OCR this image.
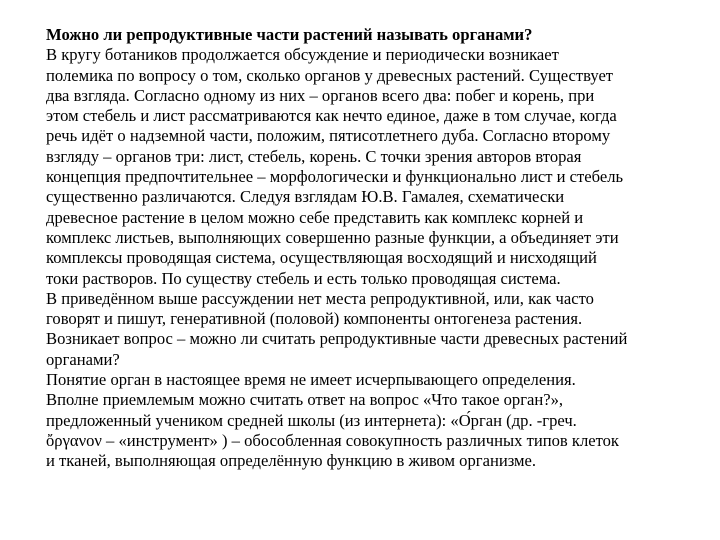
Можно ли репродуктивные части растений называть органами?
В кругу ботаников продолжается обсуждение и периодически возникает
полемика по вопросу о том, сколько органов у древесных растений. Существует
два взгляда. Согласно одному из них – органов всего два: побег и корень, при
этом стебель и лист рассматриваются как нечто единое, даже в том случае, когда
речь идёт о надземной части, положим, пятисотлетнего дуба. Согласно второму
взгляду – органов три: лист, стебель, корень. С точки зрения авторов вторая
концепция предпочтительнее – морфологически и функционально лист и стебель
существенно различаются. Следуя взглядам Ю.В. Гамалея, схематически
древесное растение в целом можно себе представить как комплекс корней и
комплекс листьев, выполняющих совершенно разные функции, а объединяет эти
комплексы проводящая система, осуществляющая восходящий и нисходящий
токи растворов. По существу стебель и есть только проводящая система.
В приведённом выше рассуждении нет места репродуктивной, или, как часто
говорят и пишут, генеративной (половой) компоненты онтогенеза растения.
Возникает вопрос – можно ли считать репродуктивные части древесных растений
органами?
Понятие орган в настоящее время не имеет исчерпывающего определения.
Вполне приемлемым можно считать ответ на вопрос «Что такое орган?»,
предложенный учеником средней школы (из интернета): «О́рган (др. -греч.
ὄργανον – «инструмент» ) – обособленная совокупность различных типов клеток
и тканей, выполняющая определённую функцию в живом организме.
